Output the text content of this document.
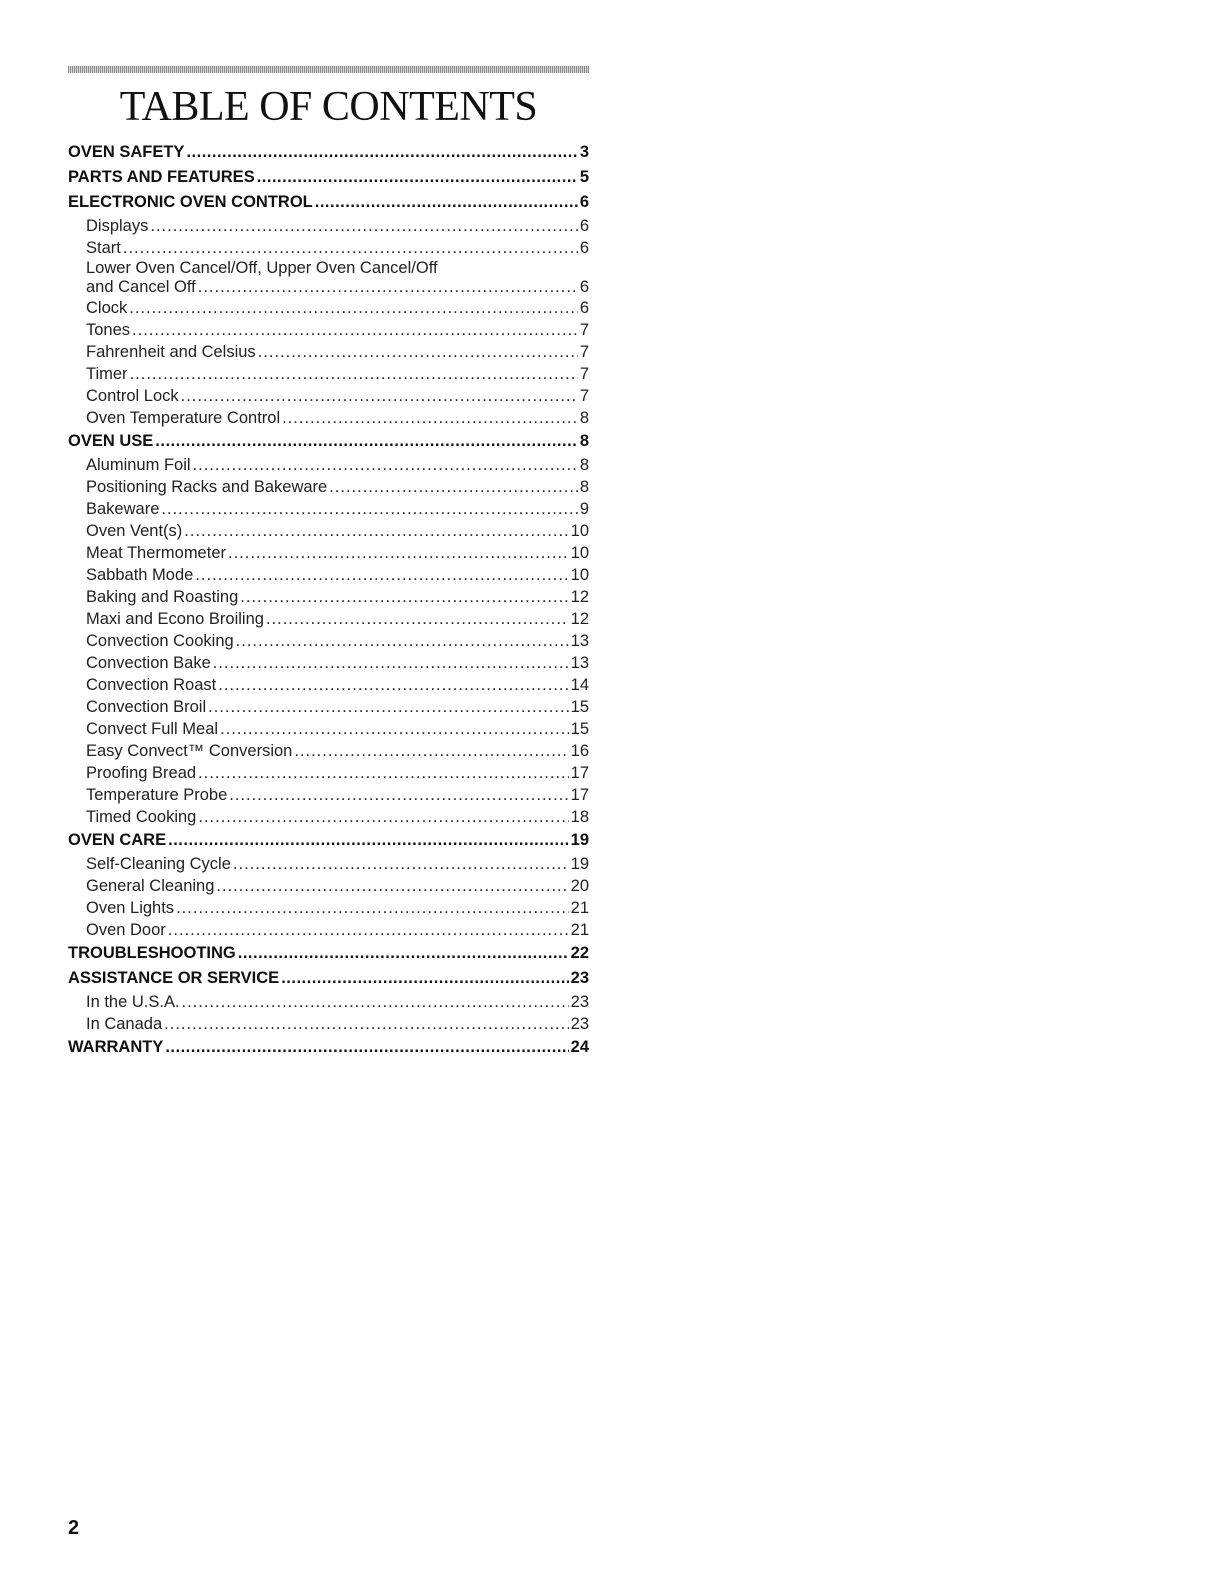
TABLE OF CONTENTS
OVEN SAFETY .....	3
PARTS AND FEATURES .....	5
ELECTRONIC OVEN CONTROL .....	6
Displays .....	6
Start .....	6
Lower Oven Cancel/Off, Upper Oven Cancel/Off
and Cancel Off .....	6
Clock .....	6
Tones .....	7
Fahrenheit and Celsius .....	7
Timer .....	7
Control Lock .....	7
Oven Temperature Control .....	8
OVEN USE .....	8
Aluminum Foil .....	8
Positioning Racks and Bakeware .....	8
Bakeware .....	9
Oven Vent(s) .....	10
Meat Thermometer .....	10
Sabbath Mode .....	10
Baking and Roasting .....	12
Maxi and Econo Broiling .....	12
Convection Cooking .....	13
Convection Bake .....	13
Convection Roast .....	14
Convection Broil .....	15
Convect Full Meal .....	15
Easy Convect™ Conversion .....	16
Proofing Bread .....	17
Temperature Probe .....	17
Timed Cooking .....	18
OVEN CARE .....	19
Self-Cleaning Cycle .....	19
General Cleaning .....	20
Oven Lights .....	21
Oven Door .....	21
TROUBLESHOOTING .....	22
ASSISTANCE OR SERVICE .....	23
In the U.S.A. .....	23
In Canada .....	23
WARRANTY .....	24
2
